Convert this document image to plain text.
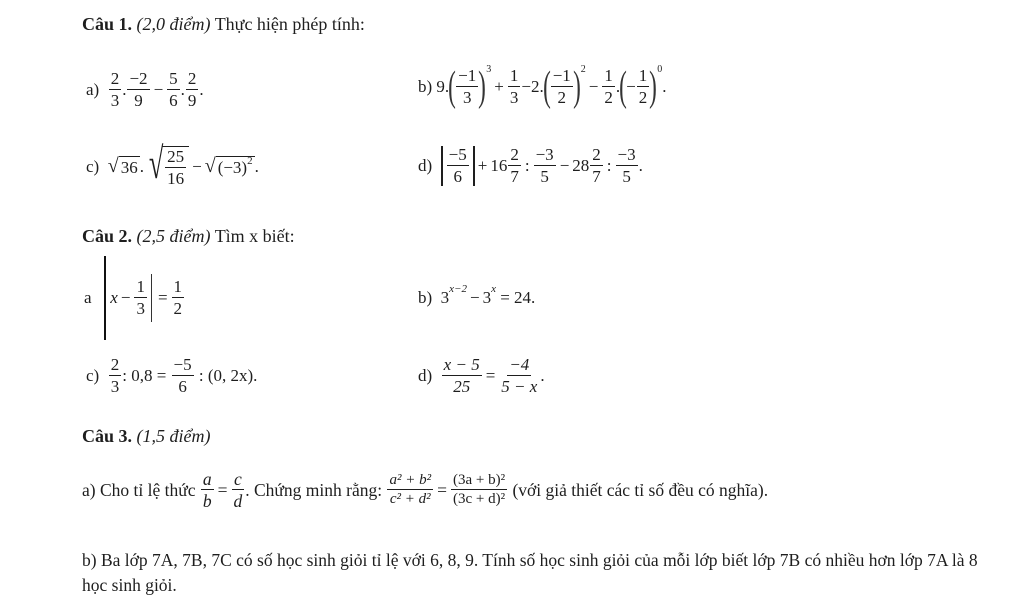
Câu 1. (2,0 điểm) Thực hiện phép tính:
a)
$\frac{2}{3}$ . $\frac{-2}{9} - \frac{5}{6}$ . $\frac{2}{9}$ .	b)
9. ( $\frac{-1}{3}$ ) 3
+ $\frac{1}{3} -2$. ( $\frac{-1}{2}$ ) 2
− $\frac{1}{2}$ . ( − $\frac{1}{2}$ ) 0
.
c)
√ 36 . √ $\frac{25}{16}$ − √ $(-3)^2$ .	d)
$\frac{-5}{6} + 16 \frac{2}{7}$ : $\frac{-3}{5} - 28 \frac{2}{7}$ : $\frac{-3}{5}$ .
Câu 2. (2,5 điểm) Tìm x biết:
a
$x - \frac{1}{3} = \frac{1}{2}$	b)
3 x−2 − 3 x
= 24.
c)
$\frac{2}{3}$ : 0,8 =
$\frac{-5}{6}$
: (0, 2x).	d)
$\frac{x - 5}{25} = \frac{-4}{5 - x}$ .
Câu 3. (1,5 điểm)
a) Cho tỉ lệ thức
$\frac{a}{b} = \frac{c}{d}$ . Chứng minh rằng:
$\frac{\text{a² + b²}}{\text{c² + d²}} = \frac{\text{(3a + b)²}}{\text{(3c + d)²}}$
(với giả thiết các tỉ số đều có nghĩa).
b) Ba lớp 7A, 7B, 7C có số học sinh giỏi tỉ lệ với 6, 8, 9. Tính số học sinh giỏi của mỗi lớp biết lớp 7B có nhiều hơn lớp 7A là 8 học sinh giỏi.
